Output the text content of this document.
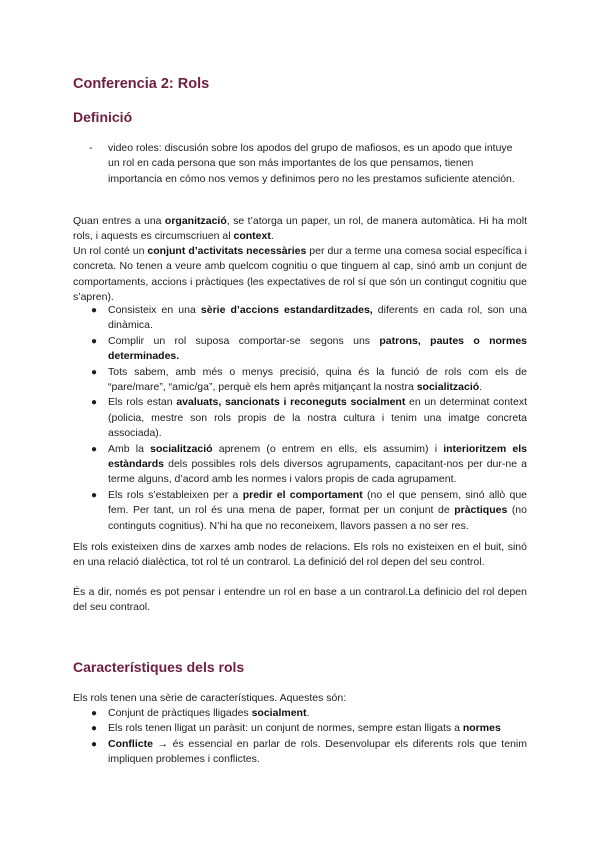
Conferencia 2: Rols
Definició
- video roles: discusión sobre los apodos del grupo de mafiosos, es un apodo que intuye un rol en cada persona que son más importantes de los que pensamos, tienen importancia en cómo nos vemos y definimos pero no les prestamos suficiente atención.

Quan entres a una organització, se t’atorga un paper, un rol, de manera automàtica. Hi ha molt rols, i aquests es circumscriuen al context.

Un rol conté un conjunt d’activitats necessàries per dur a terme una comesa social específica i concreta. No tenen a veure amb quelcom cognitiu o que tinguem al cap, sinó amb un conjunt de comportaments, accions i pràctiques (les expectatives de rol sí que són un contingut cognitiu que s’apren).

● Consisteix en una sèrie d’accions estandarditzades, diferents en cada rol, son una dinàmica.
● Complir un rol suposa comportar-se segons uns patrons, pautes o normes determinades.
● Tots sabem, amb més o menys precisió, quina és la funció de rols com els de “pare/mare”, “amic/ga”, perquè els hem après mitjançant la nostra socialització.
● Els rols estan avaluats, sancionats i reconeguts socialment en un determinat context (policia, mestre son rols propis de la nostra cultura i tenim una imatge concreta associada).
● Amb la socialització aprenem (o entrem en ells, els assumim) i interioritzem els estàndards dels possibles rols dels diversos agrupaments, capacitant-nos per dur-ne a terme alguns, d’acord amb les normes i valors propis de cada agrupament.
● Els rols s’estableixen per a predir el comportament (no el que pensem, sinó allò que fem. Per tant, un rol és una mena de paper, format per un conjunt de pràctiques (no continguts cognitius). N’hi ha que no reconeixem, llavors passen a no ser res.

Els rols existeixen dins de xarxes amb nodes de relacions. Els rols no existeixen en el buit, sinó en una relació dialèctica, tot rol té un contrarol. La definició del rol depen del seu control.

És a dir, només es pot pensar i entendre un rol en base a un contrarol.La definicio del rol depen del seu contraol.

Característiques dels rols

Els rols tenen una sèrie de característiques. Aquestes són:

● Conjunt de pràctiques lligades socialment.
● Els rols tenen lligat un paràsit: un conjunt de normes, sempre estan lligats a normes
● Conflicte → és essencial en parlar de rols. Desenvolupar els diferents rols que tenim impliquen problemes i conflictes.
